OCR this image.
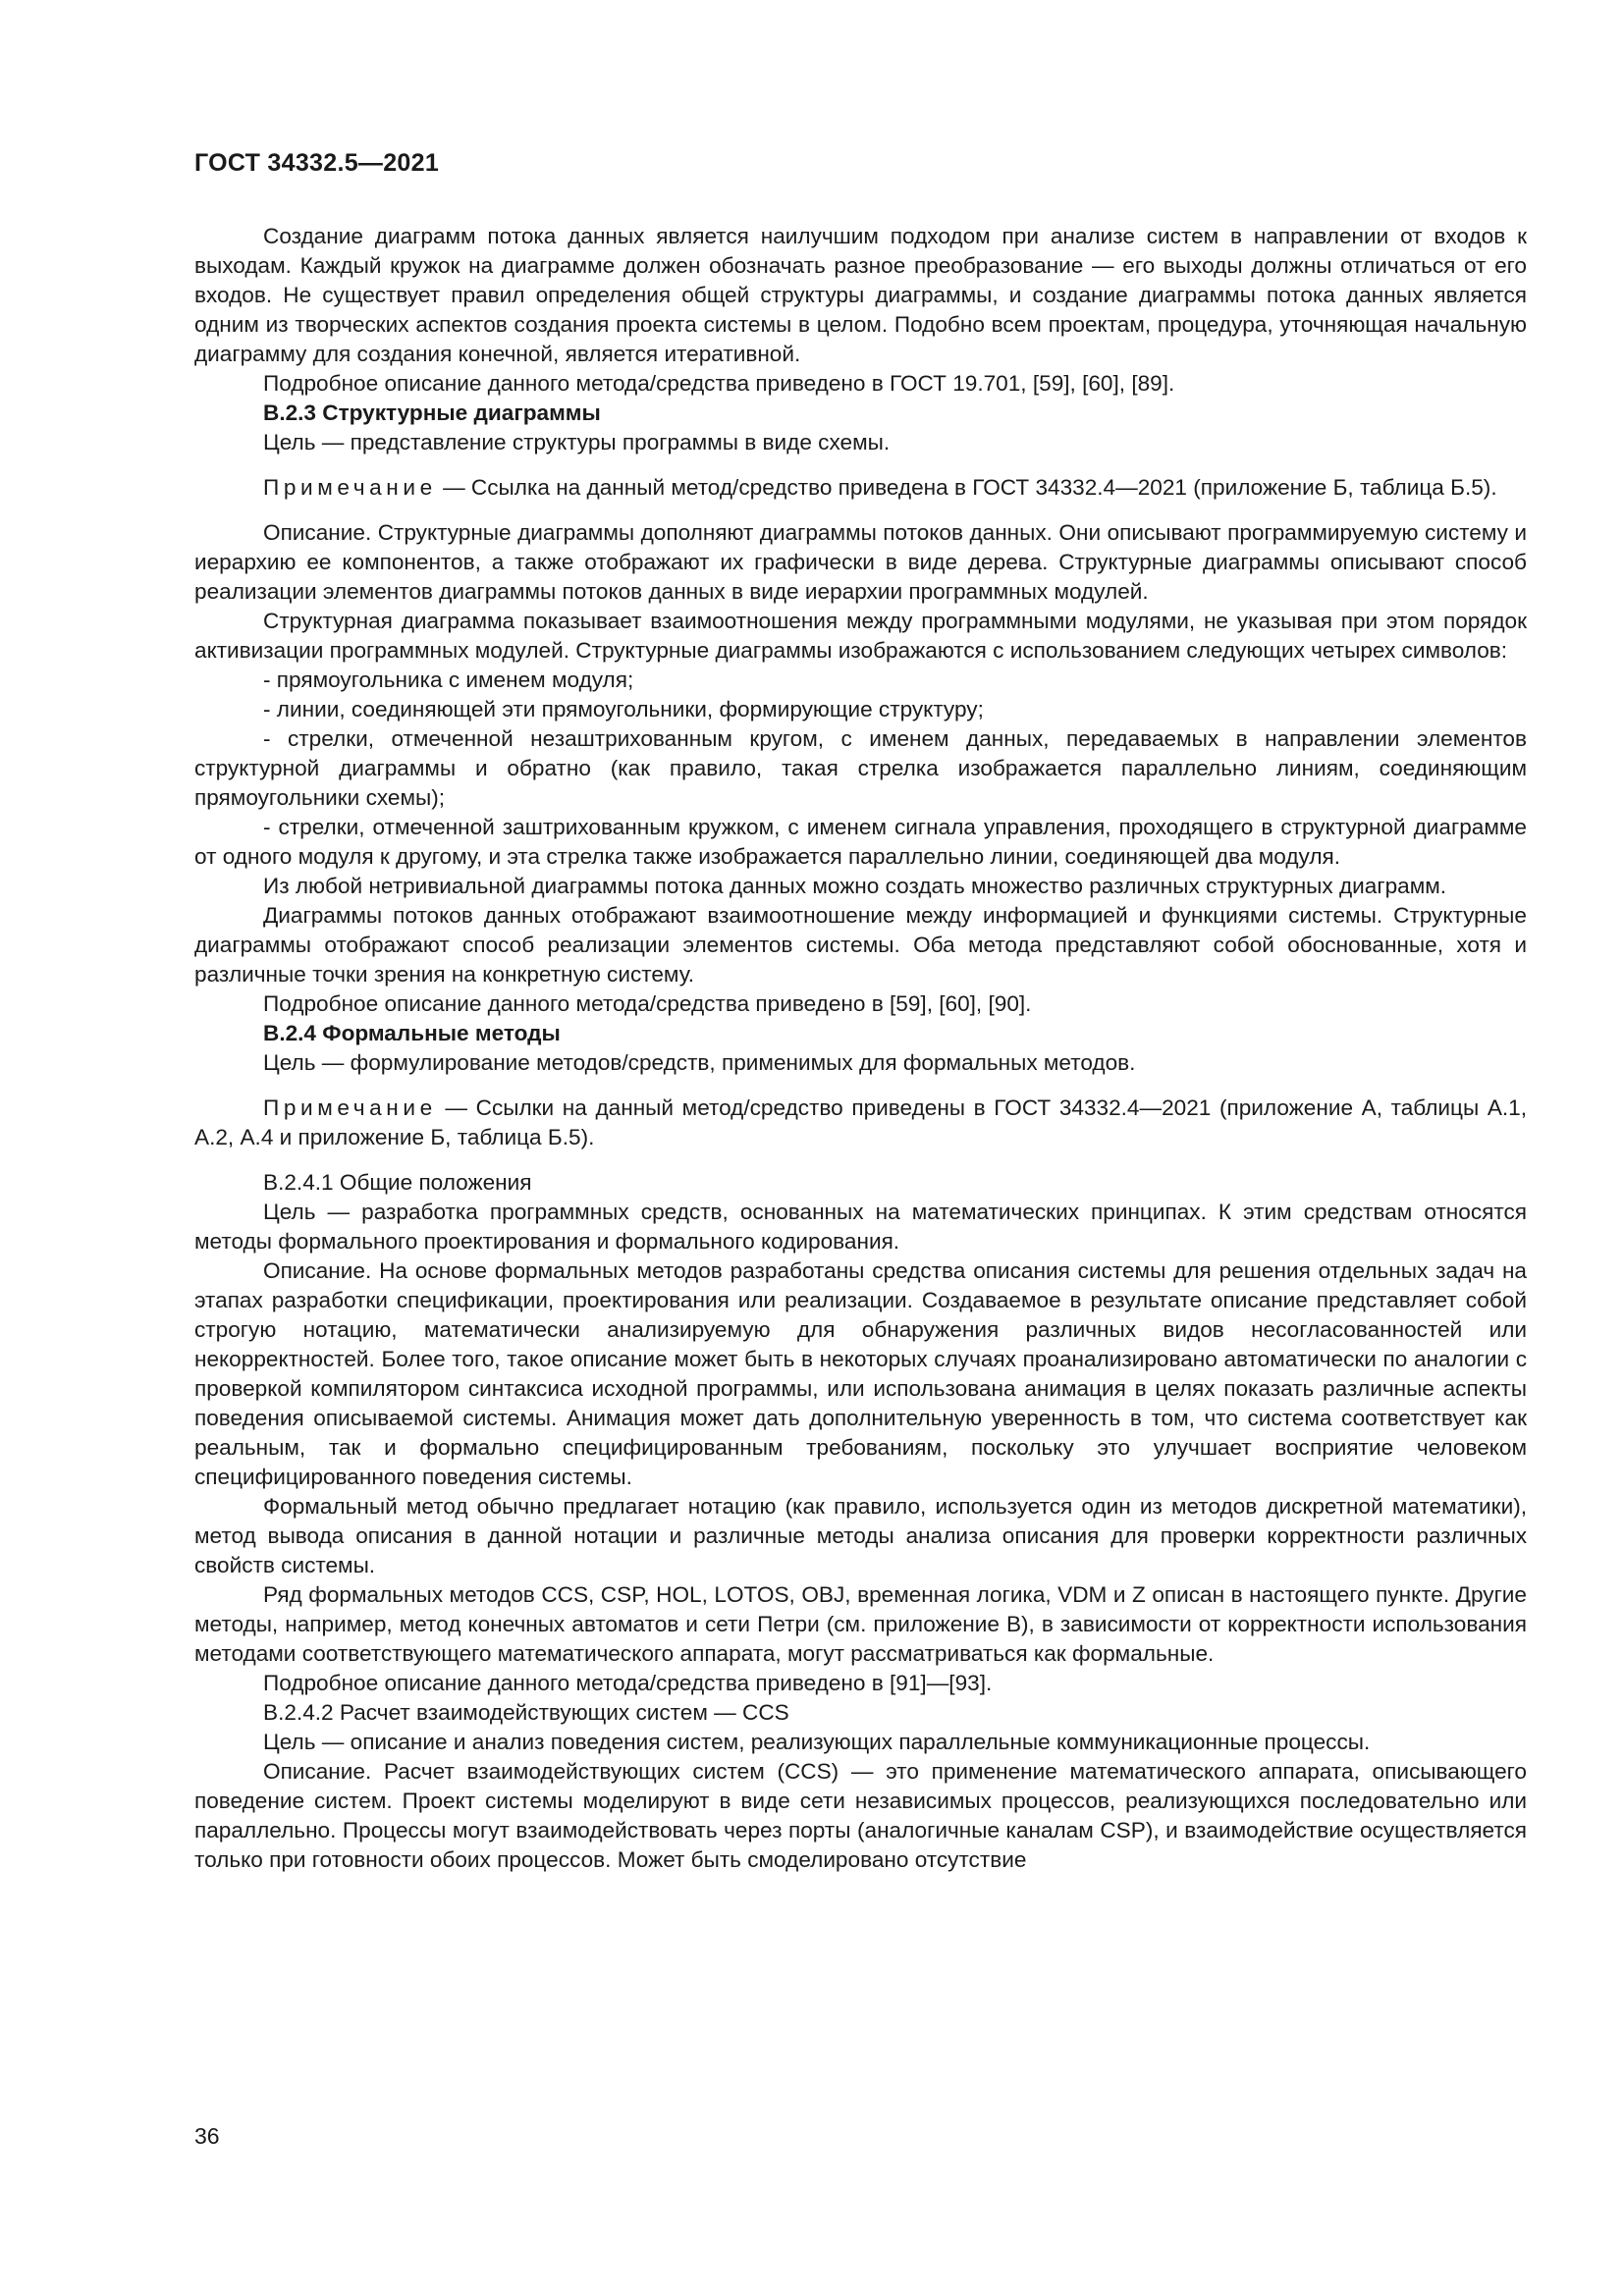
ГОСТ 34332.5—2021

Создание диаграмм потока данных является наилучшим подходом при анализе систем в направлении от входов к выходам. Каждый кружок на диаграмме должен обозначать разное преобразование — его выходы должны отличаться от его входов. Не существует правил определения общей структуры диаграммы, и создание диаграммы потока данных является одним из творческих аспектов создания проекта системы в целом. Подобно всем проектам, процедура, уточняющая начальную диаграмму для создания конечной, является итеративной.

Подробное описание данного метода/средства приведено в ГОСТ 19.701, [59], [60], [89].

В.2.3 Структурные диаграммы

Цель — представление структуры программы в виде схемы.

Примечание — Ссылка на данный метод/средство приведена в ГОСТ 34332.4—2021 (приложение Б, таблица Б.5).

Описание. Структурные диаграммы дополняют диаграммы потоков данных. Они описывают программируемую систему и иерархию ее компонентов, а также отображают их графически в виде дерева. Структурные диаграммы описывают способ реализации элементов диаграммы потоков данных в виде иерархии программных модулей.

Структурная диаграмма показывает взаимоотношения между программными модулями, не указывая при этом порядок активизации программных модулей. Структурные диаграммы изображаются с использованием следующих четырех символов:

- прямоугольника с именем модуля;

- линии, соединяющей эти прямоугольники, формирующие структуру;

- стрелки, отмеченной незаштрихованным кругом, с именем данных, передаваемых в направлении элементов структурной диаграммы и обратно (как правило, такая стрелка изображается параллельно линиям, соединяющим прямоугольники схемы);

- стрелки, отмеченной заштрихованным кружком, с именем сигнала управления, проходящего в структурной диаграмме от одного модуля к другому, и эта стрелка также изображается параллельно линии, соединяющей два модуля.

Из любой нетривиальной диаграммы потока данных можно создать множество различных структурных диаграмм.

Диаграммы потоков данных отображают взаимоотношение между информацией и функциями системы. Структурные диаграммы отображают способ реализации элементов системы. Оба метода представляют собой обоснованные, хотя и различные точки зрения на конкретную систему.

Подробное описание данного метода/средства приведено в [59], [60], [90].

В.2.4 Формальные методы

Цель — формулирование методов/средств, применимых для формальных методов.

Примечание — Ссылки на данный метод/средство приведены в ГОСТ 34332.4—2021 (приложение А, таблицы А.1, А.2, А.4 и приложение Б, таблица Б.5).

В.2.4.1 Общие положения

Цель — разработка программных средств, основанных на математических принципах. К этим средствам относятся методы формального проектирования и формального кодирования.

Описание. На основе формальных методов разработаны средства описания системы для решения отдельных задач на этапах разработки спецификации, проектирования или реализации. Создаваемое в результате описание представляет собой строгую нотацию, математически анализируемую для обнаружения различных видов несогласованностей или некорректностей. Более того, такое описание может быть в некоторых случаях проанализировано автоматически по аналогии с проверкой компилятором синтаксиса исходной программы, или использована анимация в целях показать различные аспекты поведения описываемой системы. Анимация может дать дополнительную уверенность в том, что система соответствует как реальным, так и формально специфицированным требованиям, поскольку это улучшает восприятие человеком специфицированного поведения системы.

Формальный метод обычно предлагает нотацию (как правило, используется один из методов дискретной математики), метод вывода описания в данной нотации и различные методы анализа описания для проверки корректности различных свойств системы.

Ряд формальных методов CCS, CSP, HOL, LOTOS, OBJ, временная логика, VDM и Z описан в настоящего пункте. Другие методы, например, метод конечных автоматов и сети Петри (см. приложение В), в зависимости от корректности использования методами соответствующего математического аппарата, могут рассматриваться как формальные.

Подробное описание данного метода/средства приведено в [91]—[93].

В.2.4.2 Расчет взаимодействующих систем — CCS

Цель — описание и анализ поведения систем, реализующих параллельные коммуникационные процессы.

Описание. Расчет взаимодействующих систем (CCS) — это применение математического аппарата, описывающего поведение систем. Проект системы моделируют в виде сети независимых процессов, реализующихся последовательно или параллельно. Процессы могут взаимодействовать через порты (аналогичные каналам CSP), и взаимодействие осуществляется только при готовности обоих процессов. Может быть смоделировано отсутствие

36
